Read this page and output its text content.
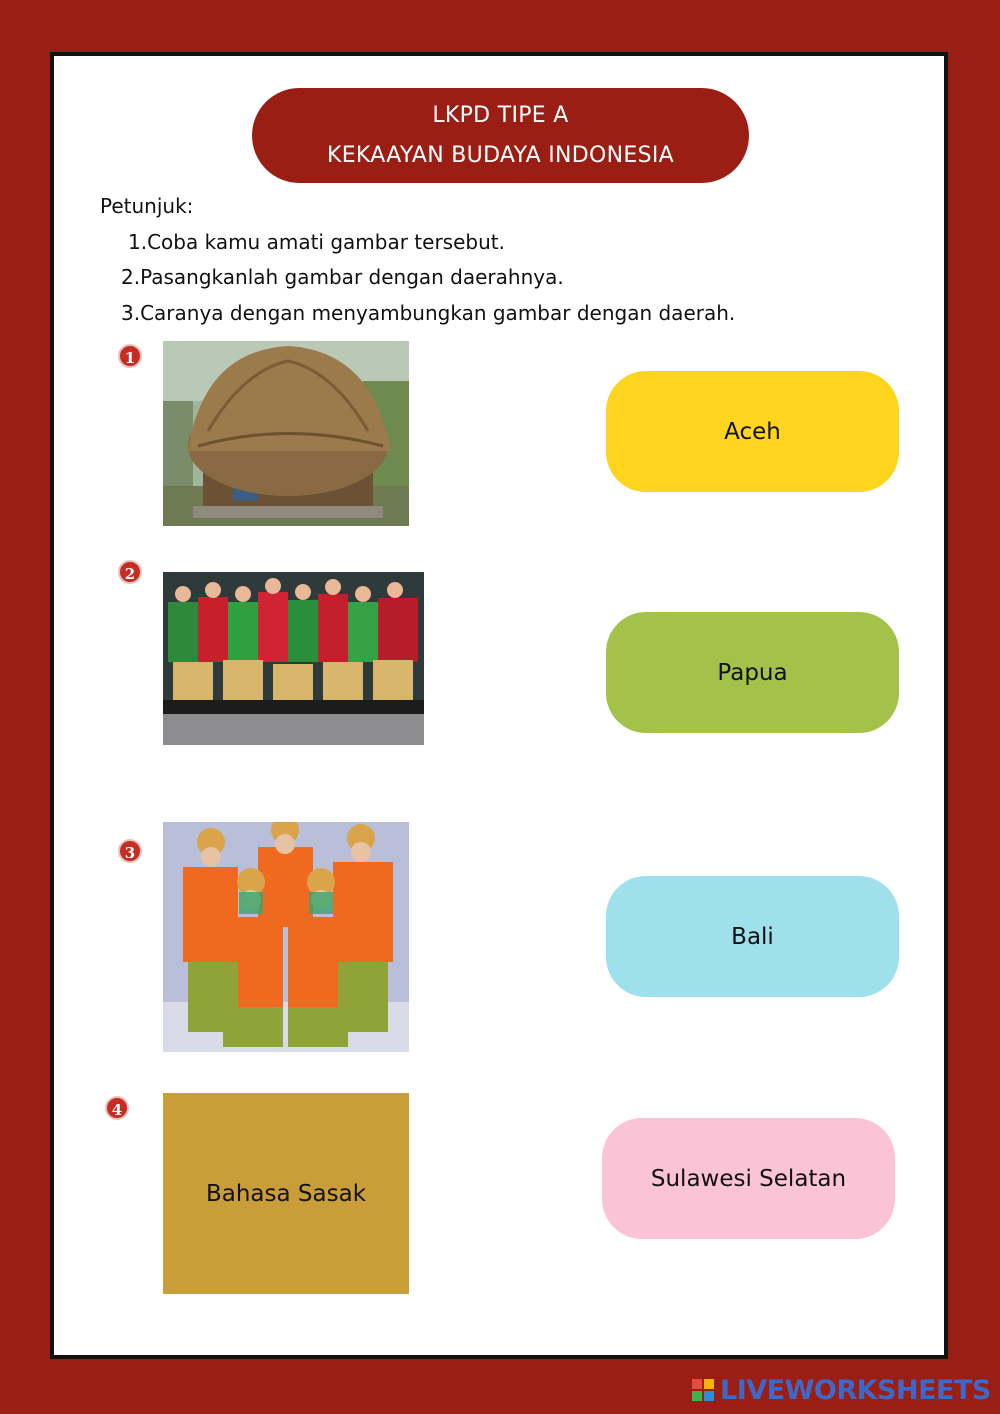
LKPD TIPE A
KEKAAYAN BUDAYA INDONESIA
Petunjuk:
1.Coba kamu amati gambar tersebut.
2.Pasangkanlah gambar dengan daerahnya.
3.Caranya dengan menyambungkan gambar dengan daerah.
1
2
3
4
Bahasa Sasak
Aceh
Papua
Bali
Sulawesi Selatan
LIVEWORKSHEETS
